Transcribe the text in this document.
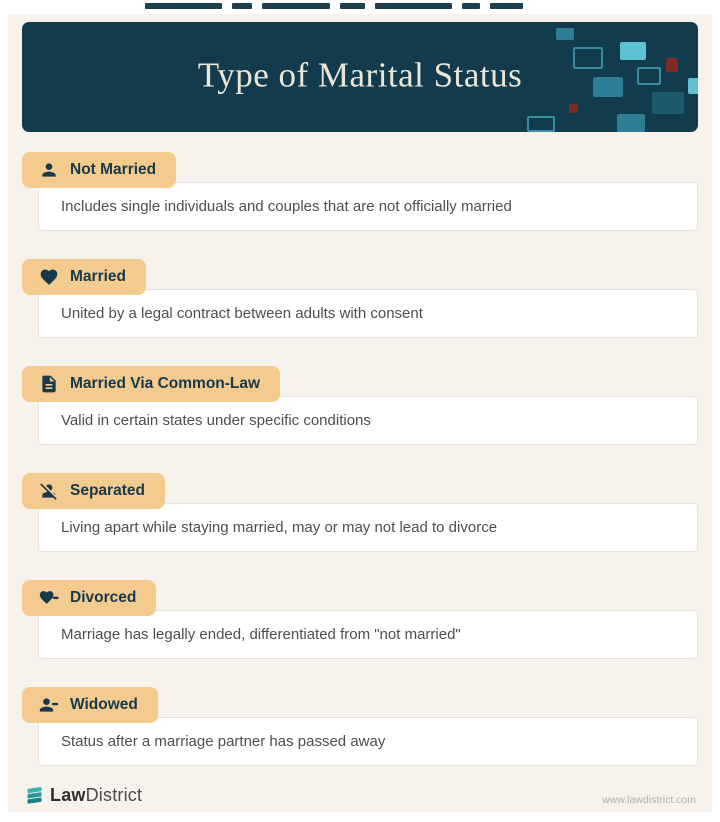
Type of Marital Status
Not Married
Includes single individuals and couples that are not officially married
Married
United by a legal contract between adults with consent
Married Via Common-Law
Valid in certain states under specific conditions
Separated
Living apart while staying married, may or may not lead to divorce
Divorced
Marriage has legally ended, differentiated from "not married"
Widowed
Status after a marriage partner has passed away
LawDistrict	www.lawdistrict.com
